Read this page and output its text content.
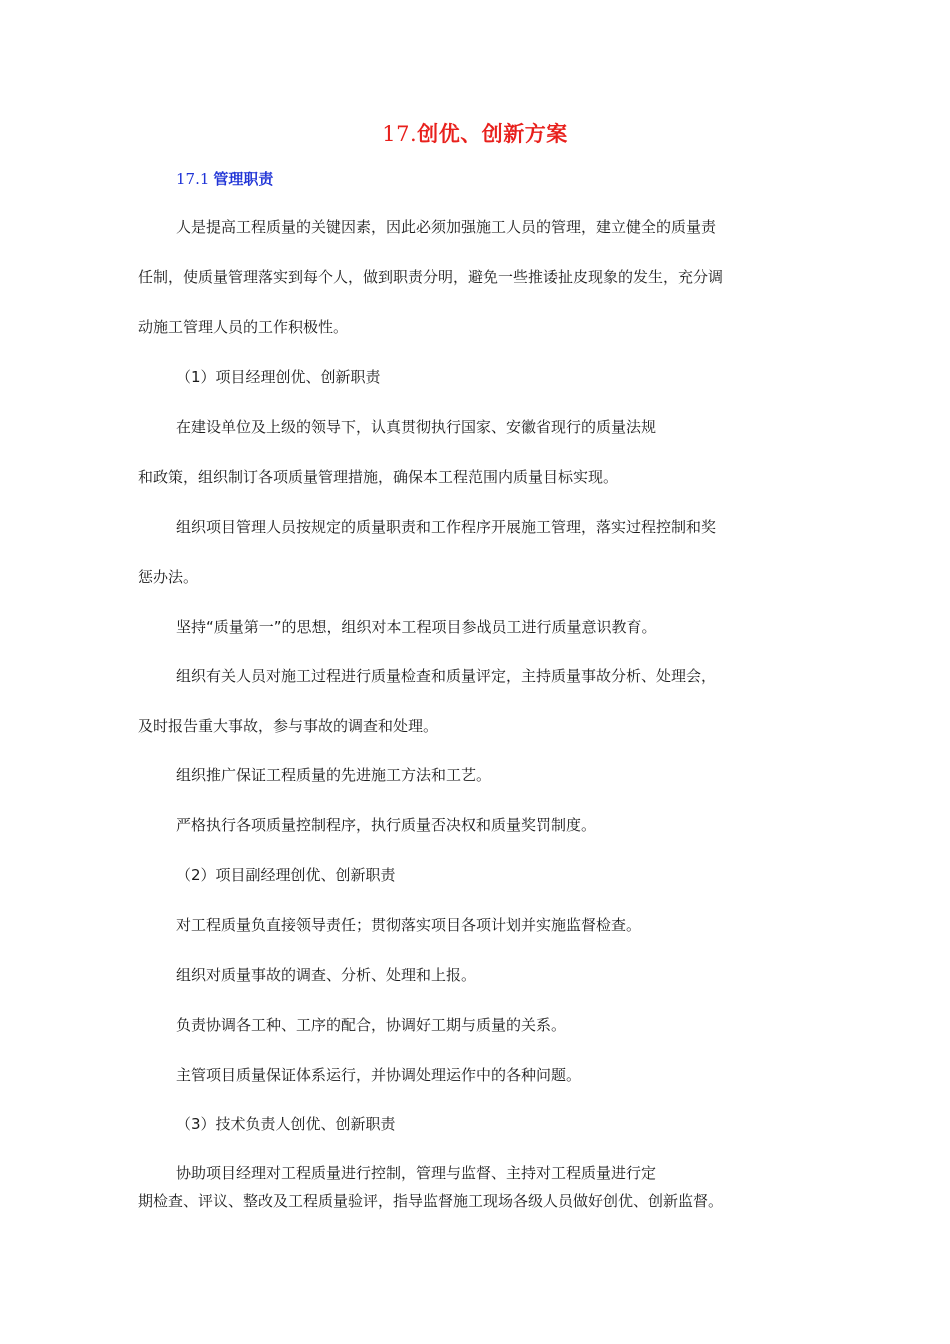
17.创优、创新方案
17.1 管理职责
人是提高工程质量的关键因素，因此必须加强施工人员的管理，建立健全的质量责
任制，使质量管理落实到每个人，做到职责分明，避免一些推诿扯皮现象的发生，充分调
动施工管理人员的工作积极性。
（1）项目经理创优、创新职责
在建设单位及上级的领导下，认真贯彻执行国家、安徽省现行的质量法规
和政策，组织制订各项质量管理措施，确保本工程范围内质量目标实现。
组织项目管理人员按规定的质量职责和工作程序开展施工管理，落实过程控制和奖
惩办法。
坚持“质量第一”的思想，组织对本工程项目参战员工进行质量意识教育。
组织有关人员对施工过程进行质量检查和质量评定，主持质量事故分析、处理会，
及时报告重大事故，参与事故的调查和处理。
组织推广保证工程质量的先进施工方法和工艺。
严格执行各项质量控制程序，执行质量否决权和质量奖罚制度。
（2）项目副经理创优、创新职责
对工程质量负直接领导责任；贯彻落实项目各项计划并实施监督检查。
组织对质量事故的调查、分析、处理和上报。
负责协调各工种、工序的配合，协调好工期与质量的关系。
主管项目质量保证体系运行，并协调处理运作中的各种问题。
（3）技术负责人创优、创新职责
协助项目经理对工程质量进行控制，管理与监督、主持对工程质量进行定
期检查、评议、整改及工程质量验评，指导监督施工现场各级人员做好创优、创新监督。
